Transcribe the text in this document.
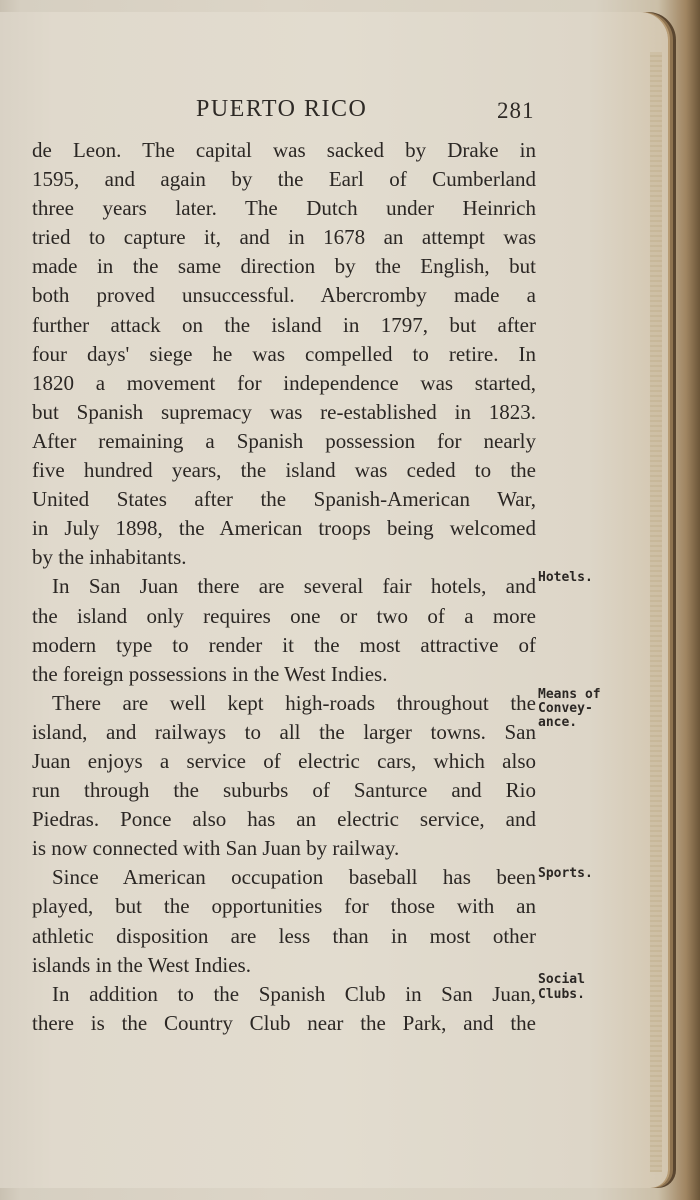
PUERTO RICO	281
de Leon. The capital was sacked by Drake in
1595, and again by the Earl of Cumberland
three years later. The Dutch under Heinrich
tried to capture it, and in 1678 an attempt was
made in the same direction by the English, but
both proved unsuccessful. Abercromby made a
further attack on the island in 1797, but after
four days' siege he was compelled to retire. In
1820 a movement for independence was started,
but Spanish supremacy was re-established in 1823.
After remaining a Spanish possession for nearly
five hundred years, the island was ceded to the
United States after the Spanish-American War,
in July 1898, the American troops being welcomed
by the inhabitants.
In San Juan there are several fair hotels, and
the island only requires one or two of a more
modern type to render it the most attractive of
the foreign possessions in the West Indies.
There are well kept high-roads throughout the
island, and railways to all the larger towns. San
Juan enjoys a service of electric cars, which also
run through the suburbs of Santurce and Rio
Piedras. Ponce also has an electric service, and
is now connected with San Juan by railway.
Since American occupation baseball has been
played, but the opportunities for those with an
athletic disposition are less than in most other
islands in the West Indies.
In addition to the Spanish Club in San Juan,
there is the Country Club near the Park, and the
Hotels.
Means of
Convey-
ance.
Sports.
Social
Clubs.
